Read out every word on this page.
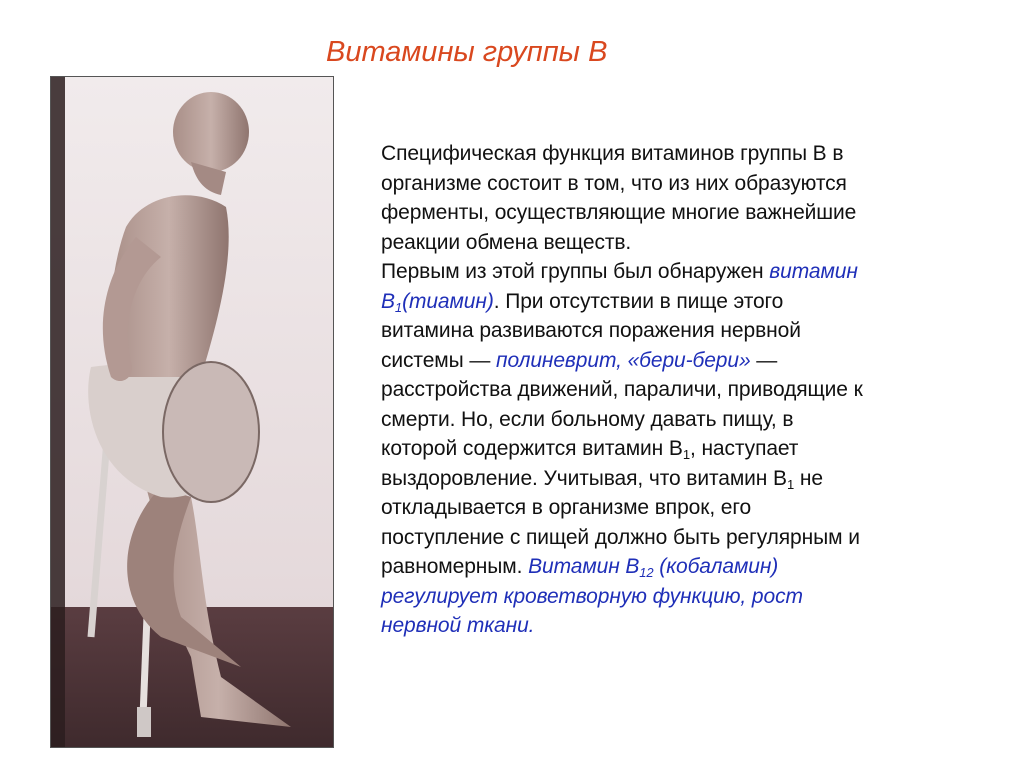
Витамины группы В
Специфическая функция витаминов группы В в
организме состоит в том, что из них образуются
ферменты, осуществляющие многие важнейшие
реакции обмена веществ.
Первым из этой группы был обнаружен витамин
$В_1(тиамин)$. При отсутствии в пище этого
витамина развиваются поражения нервной
системы — полиневрит, «бери-бери» —
расстройства движений, параличи, приводящие к
смерти. Но, если больному давать пищу, в
которой содержится витамин $В_1$, наступает
выздоровление. Учитывая, что витамин $В_1$ не
откладывается в организме впрок, его
поступление с пищей должно быть регулярным и
равномерным. Витамин $В_{12}$ (кобаламин)
регулирует кроветворную функцию, рост
нервной ткани.
